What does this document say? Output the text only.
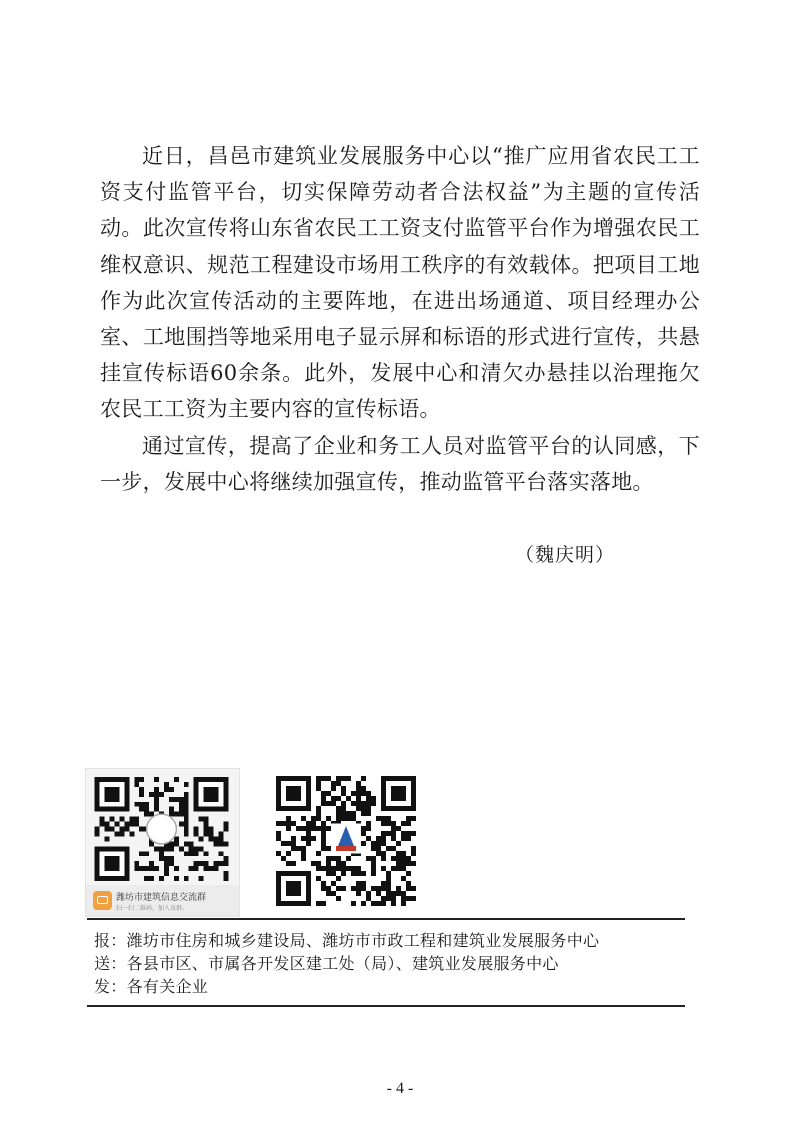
近日，昌邑市建筑业发展服务中心以“推广应用省农民工工资支付监管平台，切实保障劳动者合法权益”为主题的宣传活动。此次宣传将山东省农民工工资支付监管平台作为增强农民工维权意识、规范工程建设市场用工秩序的有效载体。把项目工地作为此次宣传活动的主要阵地，在进出场通道、项目经理办公室、工地围挡等地采用电子显示屏和标语的形式进行宣传，共悬挂宣传标语60余条。此外，发展中心和清欠办悬挂以治理拖欠农民工工资为主要内容的宣传标语。

通过宣传，提高了企业和务工人员对监管平台的认同感，下一步，发展中心将继续加强宣传，推动监管平台落实落地。

（魏庆明）

潍坊市建筑信息交流群
扫一扫二维码，加入该群。

报：潍坊市住房和城乡建设局、潍坊市市政工程和建筑业发展服务中心

送：各县市区、市属各开发区建工处（局）、建筑业发展服务中心

发：各有关企业

- 4 -
